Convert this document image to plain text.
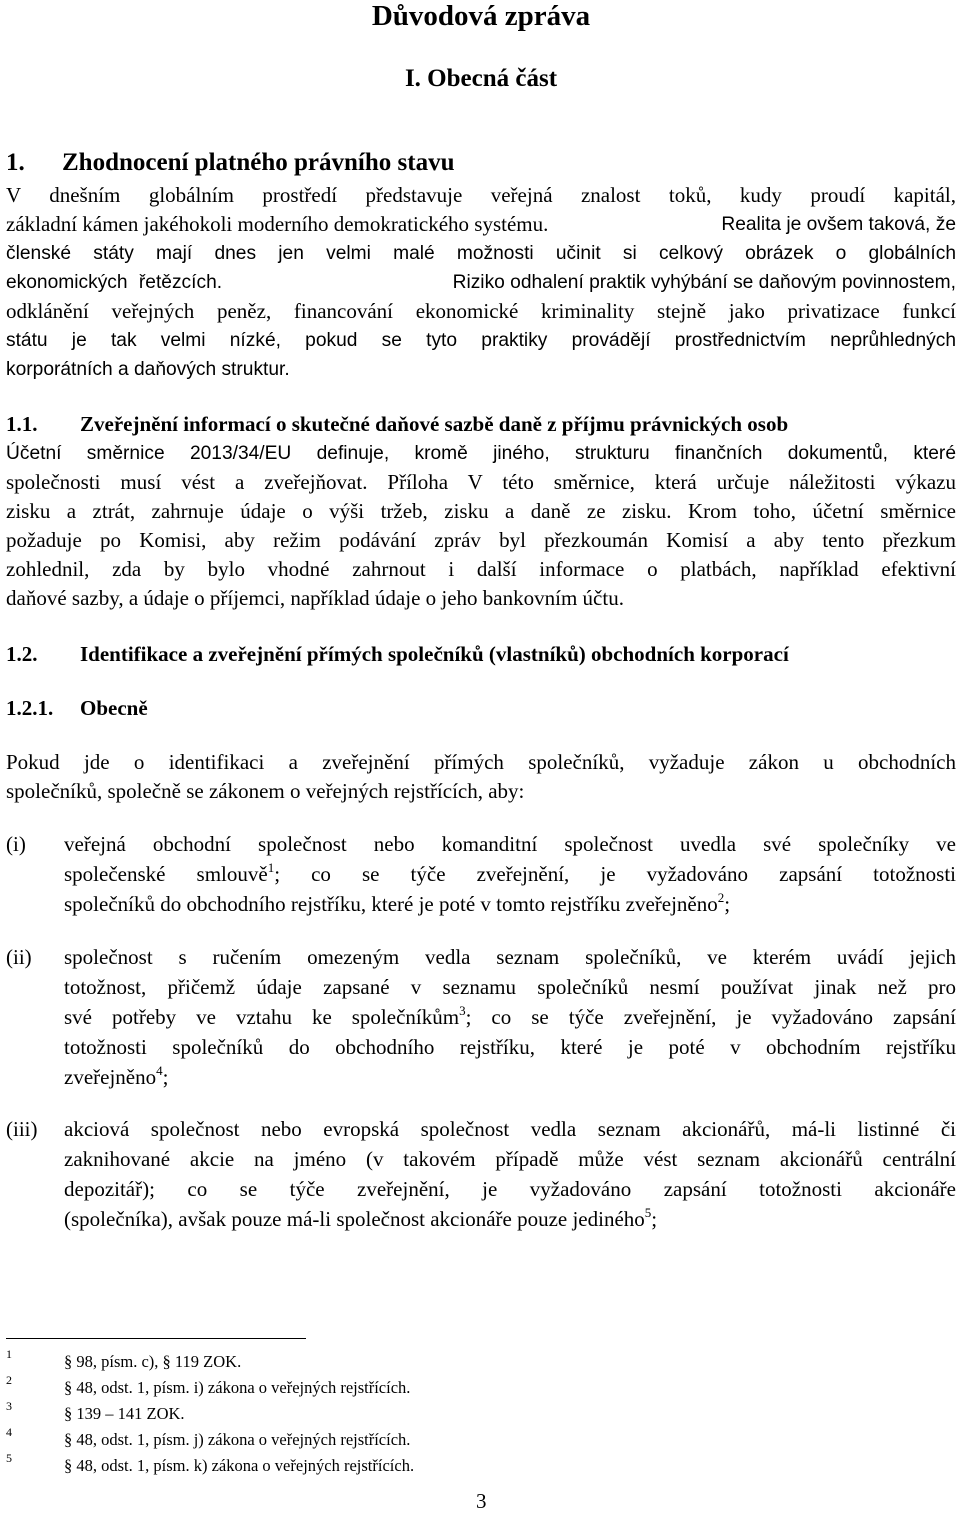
Důvodová zpráva
I. Obecná část
1. Zhodnocení platného právního stavu
V dnešním globálním prostředí představuje veřejná znalost toků, kudy proudí kapitál,
základní kámen jakéhokoli moderního demokratického systému.	Realita je ovšem taková, že
členské státy mají dnes jen velmi malé možnosti učinit si celkový obrázek o globálních
ekonomických řetězcích.	Riziko odhalení praktik vyhýbání se daňovým povinnostem,
odklánění veřejných peněz, financování ekonomické kriminality stejně jako privatizace funkcí
státu je tak velmi nízké, pokud se tyto praktiky provádějí prostřednictvím neprůhledných
korporátních a daňových struktur.
1.1. Zveřejnění informací o skutečné daňové sazbě daně z příjmu právnických osob
Účetní směrnice 2013/34/EU definuje, kromě jiného, strukturu finančních dokumentů, které
společnosti musí vést a zveřejňovat. Příloha V této směrnice, která určuje náležitosti výkazu
zisku a ztrát, zahrnuje údaje o výši tržeb, zisku a daně ze zisku. Krom toho, účetní směrnice
požaduje po Komisi, aby režim podávání zpráv byl přezkoumán Komisí a aby tento přezkum
zohlednil, zda by bylo vhodné zahrnout i další informace o platbách, například efektivní
daňové sazby, a údaje o příjemci, například údaje o jeho bankovním účtu.
1.2. Identifikace a zveřejnění přímých společníků (vlastníků) obchodních korporací
1.2.1. Obecně
Pokud jde o identifikaci a zveřejnění přímých společníků, vyžaduje zákon u obchodních
společníků, společně se zákonem o veřejných rejstřících, aby:
(i)	veřejná obchodní společnost nebo komanditní společnost uvedla své společníky ve
společenské smlouvě$^1$; co se týče zveřejnění, je vyžadováno zapsání totožnosti
společníků do obchodního rejstříku, které je poté v tomto rejstříku zveřejněno$^2$;
(ii)	společnost s ručením omezeným vedla seznam společníků, ve kterém uvádí jejich
totožnost, přičemž údaje zapsané v seznamu společníků nesmí používat jinak než pro
své potřeby ve vztahu ke společníkům$^3$; co se týče zveřejnění, je vyžadováno zapsání
totožnosti společníků do obchodního rejstříku, které je poté v obchodním rejstříku
zveřejněno$^4$;
(iii)	akciová společnost nebo evropská společnost vedla seznam akcionářů, má-li listinné či
zaknihované akcie na jméno (v takovém případě může vést seznam akcionářů centrální
depozitář); co se týče zveřejnění, je vyžadováno zapsání totožnosti akcionáře
(společníka), avšak pouze má-li společnost akcionáře pouze jediného$^5$;
1	§ 98, písm. c), § 119 ZOK.
2	§ 48, odst. 1, písm. i) zákona o veřejných rejstřících.
3	§ 139 – 141 ZOK.
4	§ 48, odst. 1, písm. j) zákona o veřejných rejstřících.
5	§ 48, odst. 1, písm. k) zákona o veřejných rejstřících.
3
